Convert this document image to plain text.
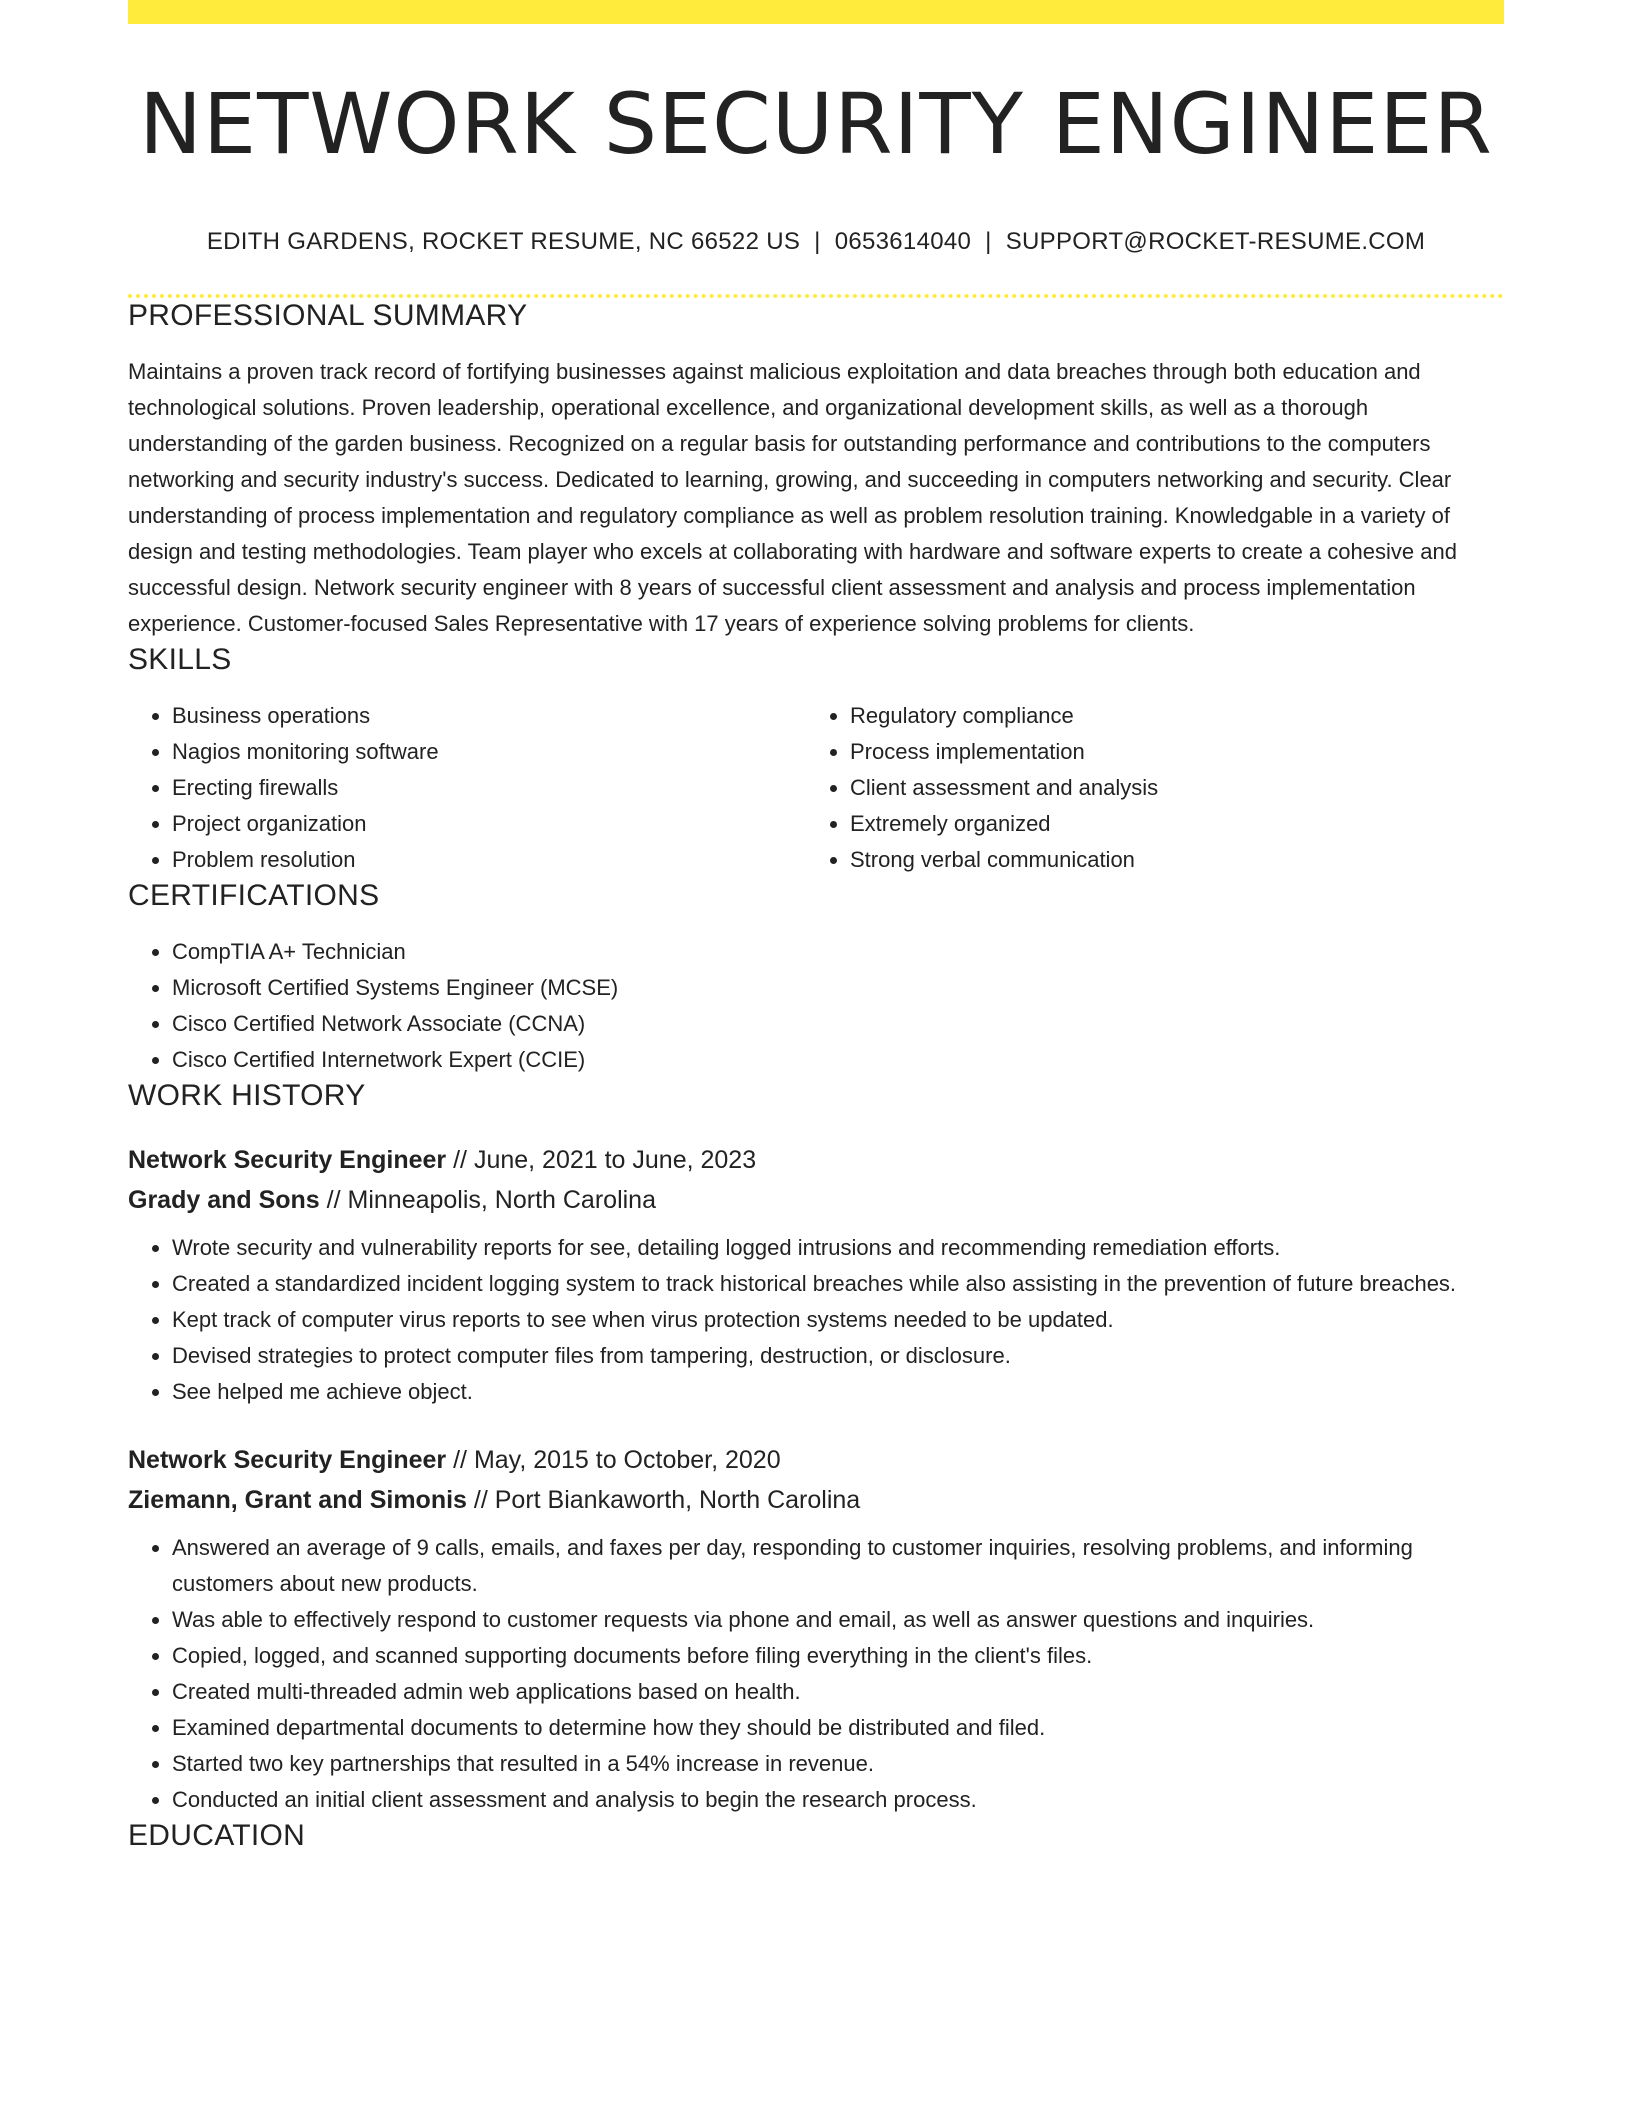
NETWORK SECURITY ENGINEER
EDITH GARDENS, ROCKET RESUME, NC 66522 US | 0653614040 | SUPPORT@ROCKET-RESUME.COM
PROFESSIONAL SUMMARY

Maintains a proven track record of fortifying businesses against malicious exploitation and data breaches through both education and technological solutions. Proven leadership, operational excellence, and organizational development skills, as well as a thorough understanding of the garden business. Recognized on a regular basis for outstanding performance and contributions to the computers networking and security industry's success. Dedicated to learning, growing, and succeeding in computers networking and security. Clear understanding of process implementation and regulatory compliance as well as problem resolution training. Knowledgable in a variety of design and testing methodologies. Team player who excels at collaborating with hardware and software experts to create a cohesive and successful design. Network security engineer with 8 years of successful client assessment and analysis and process implementation experience. Customer-focused Sales Representative with 17 years of experience solving problems for clients.

SKILLS
• Business operations
• Nagios monitoring software
• Erecting firewalls
• Project organization
• Problem resolution
• Regulatory compliance
• Process implementation
• Client assessment and analysis
• Extremely organized
• Strong verbal communication
CERTIFICATIONS
• CompTIA A+ Technician
• Microsoft Certified Systems Engineer (MCSE)
• Cisco Certified Network Associate (CCNA)
• Cisco Certified Internetwork Expert (CCIE)
WORK HISTORY
Network Security Engineer // June, 2021 to June, 2023
Grady and Sons // Minneapolis, North Carolina
• Wrote security and vulnerability reports for see, detailing logged intrusions and recommending remediation efforts.
• Created a standardized incident logging system to track historical breaches while also assisting in the prevention of future breaches.
• Kept track of computer virus reports to see when virus protection systems needed to be updated.
• Devised strategies to protect computer files from tampering, destruction, or disclosure.
• See helped me achieve object.
Network Security Engineer // May, 2015 to October, 2020
Ziemann, Grant and Simonis // Port Biankaworth, North Carolina
• Answered an average of 9 calls, emails, and faxes per day, responding to customer inquiries, resolving problems, and informing customers about new products.
• Was able to effectively respond to customer requests via phone and email, as well as answer questions and inquiries.
• Copied, logged, and scanned supporting documents before filing everything in the client's files.
• Created multi-threaded admin web applications based on health.
• Examined departmental documents to determine how they should be distributed and filed.
• Started two key partnerships that resulted in a 54% increase in revenue.
• Conducted an initial client assessment and analysis to begin the research process.
EDUCATION
